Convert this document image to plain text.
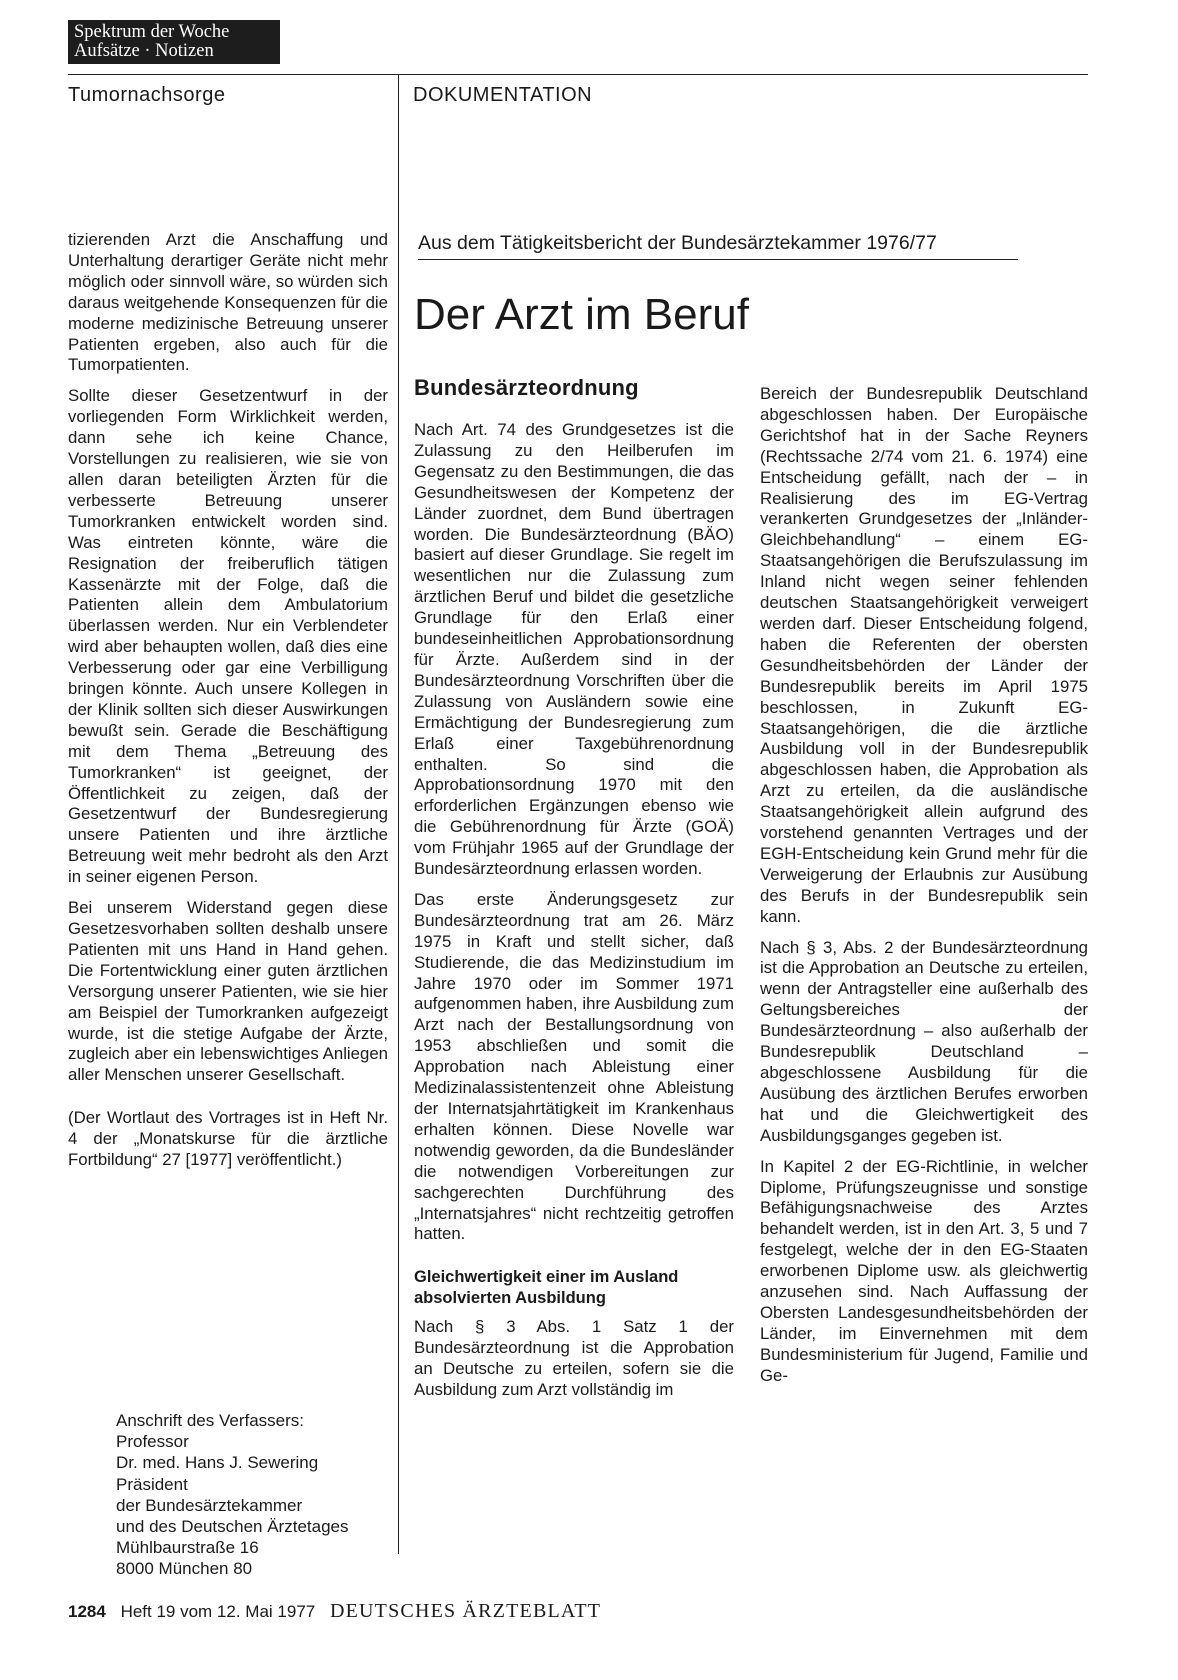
Spektrum der Woche
Aufsätze · Notizen
Tumornachsorge	DOKUMENTATION
Aus dem Tätigkeitsbericht der Bundesärztekammer 1976/77
Der Arzt im Beruf

tizierenden Arzt die Anschaffung und Unterhaltung derartiger Geräte nicht mehr möglich oder sinnvoll wäre, so würden sich daraus weitgehende Konsequenzen für die moderne medizinische Betreuung unserer Patienten ergeben, also auch für die Tumorpatienten.

Sollte dieser Gesetzentwurf in der vorliegenden Form Wirklichkeit werden, dann sehe ich keine Chance, Vorstellungen zu realisieren, wie sie von allen daran beteiligten Ärzten für die verbesserte Betreuung unserer Tumorkranken entwickelt worden sind. Was eintreten könnte, wäre die Resignation der freiberuflich tätigen Kassenärzte mit der Folge, daß die Patienten allein dem Ambulatorium überlassen werden. Nur ein Verblendeter wird aber behaupten wollen, daß dies eine Verbesserung oder gar eine Verbilligung bringen könnte. Auch unsere Kollegen in der Klinik sollten sich dieser Auswirkungen bewußt sein. Gerade die Beschäftigung mit dem Thema „Betreuung des Tumorkranken“ ist geeignet, der Öffentlichkeit zu zeigen, daß der Gesetzentwurf der Bundesregierung unsere Patienten und ihre ärztliche Betreuung weit mehr bedroht als den Arzt in seiner eigenen Person.

Bei unserem Widerstand gegen diese Gesetzesvorhaben sollten deshalb unsere Patienten mit uns Hand in Hand gehen. Die Fortentwicklung einer guten ärztlichen Versorgung unserer Patienten, wie sie hier am Beispiel der Tumorkranken aufgezeigt wurde, ist die stetige Aufgabe der Ärzte, zugleich aber ein lebenswichtiges Anliegen aller Menschen unserer Gesellschaft.

(Der Wortlaut des Vortrages ist in Heft Nr. 4 der „Monatskurse für die ärztliche Fortbildung“ 27 [1977] veröffentlicht.)

Anschrift des Verfassers:
Professor
Dr. med. Hans J. Sewering
Präsident
der Bundesärztekammer
und des Deutschen Ärztetages
Mühlbaurstraße 16
8000 München 80
Bundesärzteordnung

Nach Art. 74 des Grundgesetzes ist die Zulassung zu den Heilberufen im Gegensatz zu den Bestimmungen, die das Gesundheitswesen der Kompetenz der Länder zuordnet, dem Bund übertragen worden. Die Bundesärzteordnung (BÄO) basiert auf dieser Grundlage. Sie regelt im wesentlichen nur die Zulassung zum ärztlichen Beruf und bildet die gesetzliche Grundlage für den Erlaß einer bundeseinheitlichen Approbationsordnung für Ärzte. Außerdem sind in der Bundesärzteordnung Vorschriften über die Zulassung von Ausländern sowie eine Ermächtigung der Bundesregierung zum Erlaß einer Taxgebührenordnung enthalten. So sind die Approbationsordnung 1970 mit den erforderlichen Ergänzungen ebenso wie die Gebührenordnung für Ärzte (GOÄ) vom Frühjahr 1965 auf der Grundlage der Bundesärzteordnung erlassen worden.

Das erste Änderungsgesetz zur Bundesärzteordnung trat am 26. März 1975 in Kraft und stellt sicher, daß Studierende, die das Medizinstudium im Jahre 1970 oder im Sommer 1971 aufgenommen haben, ihre Ausbildung zum Arzt nach der Bestallungsordnung von 1953 abschließen und somit die Approbation nach Ableistung einer Medizinalassistentenzeit ohne Ableistung der Internatsjahrtätigkeit im Krankenhaus erhalten können. Diese Novelle war notwendig geworden, da die Bundesländer die notwendigen Vorbereitungen zur sachgerechten Durchführung des „Internatsjahres“ nicht rechtzeitig getroffen hatten.

Gleichwertigkeit einer im Ausland absolvierten Ausbildung

Nach § 3 Abs. 1 Satz 1 der Bundesärzteordnung ist die Approbation an Deutsche zu erteilen, sofern sie die Ausbildung zum Arzt vollständig im

Bereich der Bundesrepublik Deutschland abgeschlossen haben. Der Europäische Gerichtshof hat in der Sache Reyners (Rechtssache 2/74 vom 21. 6. 1974) eine Entscheidung gefällt, nach der – in Realisierung des im EG-Vertrag verankerten Grundgesetzes der „Inländer-Gleichbehandlung“ – einem EG-Staatsangehörigen die Berufszulassung im Inland nicht wegen seiner fehlenden deutschen Staatsangehörigkeit verweigert werden darf. Dieser Entscheidung folgend, haben die Referenten der obersten Gesundheitsbehörden der Länder der Bundesrepublik bereits im April 1975 beschlossen, in Zukunft EG-Staatsangehörigen, die die ärztliche Ausbildung voll in der Bundesrepublik abgeschlossen haben, die Approbation als Arzt zu erteilen, da die ausländische Staatsangehörigkeit allein aufgrund des vorstehend genannten Vertrages und der EGH-Entscheidung kein Grund mehr für die Verweigerung der Erlaubnis zur Ausübung des Berufs in der Bundesrepublik sein kann.

Nach § 3, Abs. 2 der Bundesärzteordnung ist die Approbation an Deutsche zu erteilen, wenn der Antragsteller eine außerhalb des Geltungsbereiches der Bundesärzteordnung – also außerhalb der Bundesrepublik Deutschland – abgeschlossene Ausbildung für die Ausübung des ärztlichen Berufes erworben hat und die Gleichwertigkeit des Ausbildungsganges gegeben ist.

In Kapitel 2 der EG-Richtlinie, in welcher Diplome, Prüfungszeugnisse und sonstige Befähigungsnachweise des Arztes behandelt werden, ist in den Art. 3, 5 und 7 festgelegt, welche der in den EG-Staaten erworbenen Diplome usw. als gleichwertig anzusehen sind. Nach Auffassung der Obersten Landesgesundheitsbehörden der Länder, im Einvernehmen mit dem Bundesministerium für Jugend, Familie und Ge-

1284 Heft 19 vom 12. Mai 1977 DEUTSCHES ÄRZTEBLATT
